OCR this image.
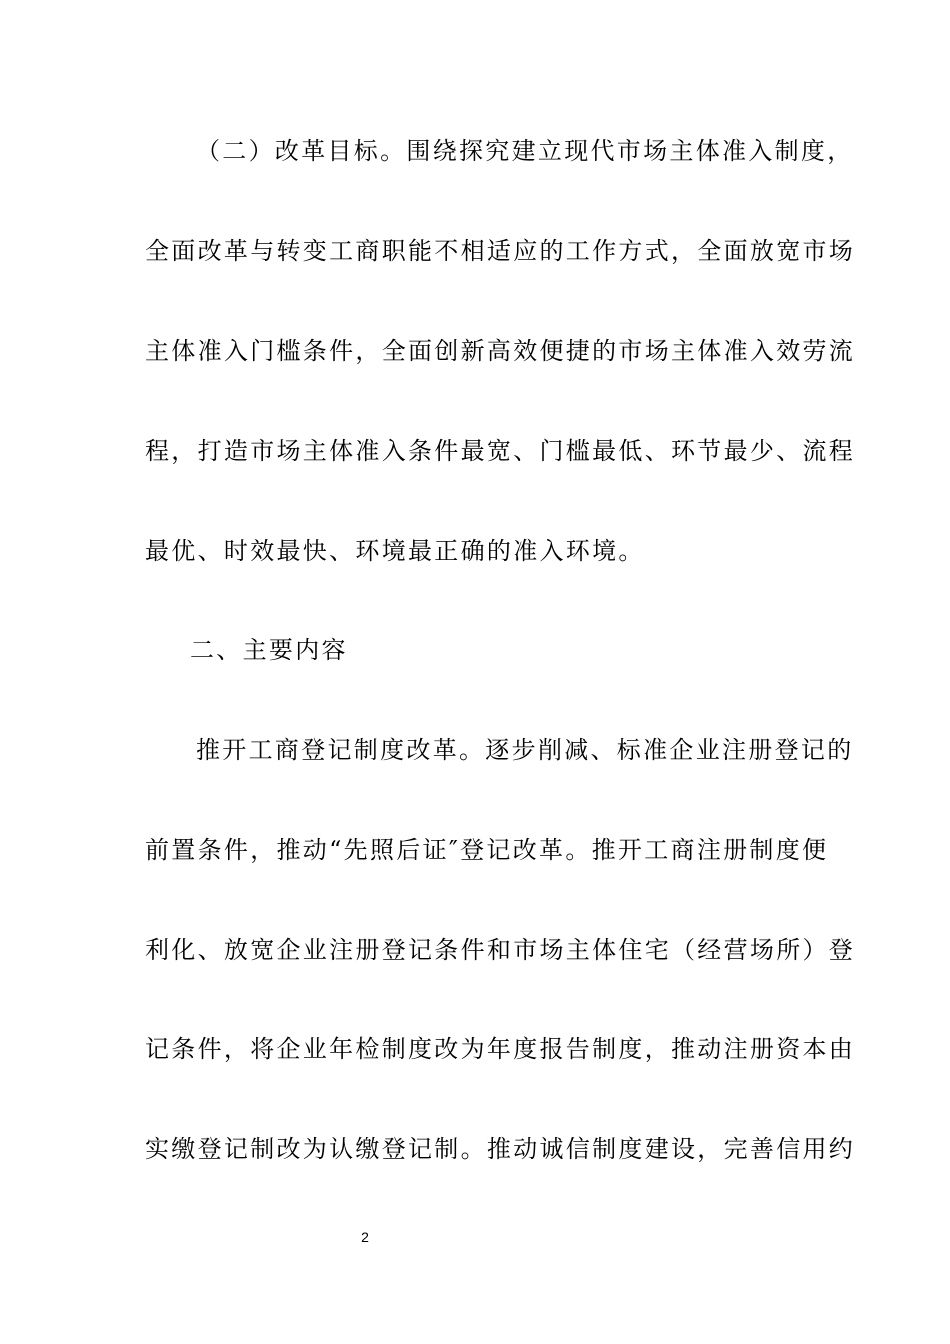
（二）改革目标。围绕探究建立现代市场主体准入制度，
全面改革与转变工商职能不相适应的工作方式，全面放宽市场
主体准入门槛条件，全面创新高效便捷的市场主体准入效劳流
程，打造市场主体准入条件最宽、门槛最低、环节最少、流程
最优、时效最快、环境最正确的准入环境。
二、主要内容
推开工商登记制度改革。逐步削减、标准企业注册登记的
前置条件，推动“先照后证″登记改革。推开工商注册制度便
利化、放宽企业注册登记条件和市场主体住宅（经营场所）登
记条件，将企业年检制度改为年度报告制度，推动注册资本由
实缴登记制改为认缴登记制。推动诚信制度建设，完善信用约
2
